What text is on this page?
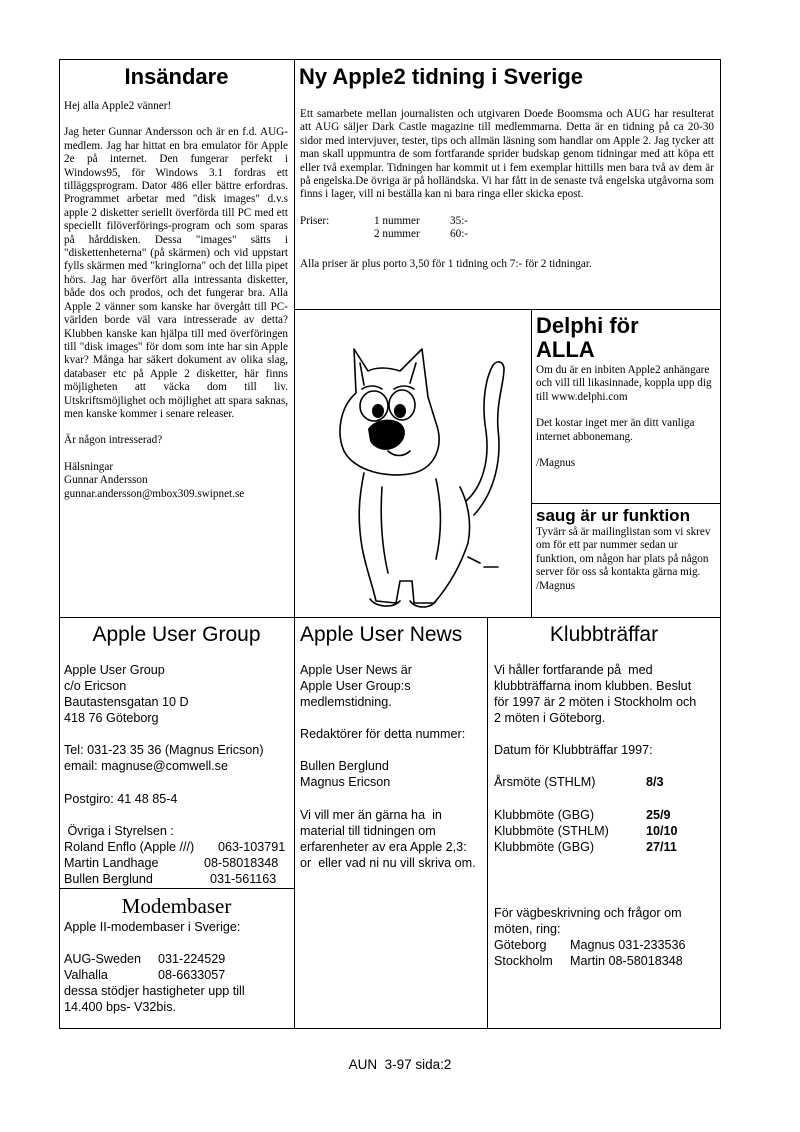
Insändare

Hej alla Apple2 vänner!

Jag heter Gunnar Andersson och är en f.d. AUG-medlem. Jag har hittat en bra emulator för Apple 2e på internet. Den fungerar perfekt i Windows95, för Windows 3.1 fordras ett tilläggsprogram. Dator 486 eller bättre erfordras. Programmet arbetar med "disk images" d.v.s apple 2 disketter seriellt överförda till PC med ett speciellt filöverförings-program och som sparas på hårddisken. Dessa "images" sätts i "diskettenheterna" (på skärmen) och vid uppstart fylls skärmen med "kringlorna" och det lilla pipet hörs. Jag har överfört alla intressanta disketter, både dos och prodos, och det fungerar bra. Alla Apple 2 vänner som kanske har övergått till PC-världen borde väl vara intresserade av detta? Klubben kanske kan hjälpa till med överföringen till "disk images" för dom som inte har sin Apple kvar? Många har säkert dokument av olika slag, databaser etc på Apple 2 disketter, här finns möjligheten att väcka dom till liv. Utskriftsmöjlighet och möjlighet att spara saknas, men kanske kommer i senare releaser.

Är någon intresserad?

Hälsningar

Gunnar Andersson

gunnar.andersson@mbox309.swipnet.se

Ny Apple2 tidning i Sverige

Ett samarbete mellan journalisten och utgivaren Doede Boomsma och AUG har resulterat att AUG säljer Dark Castle magazine till medlemmarna. Detta är en tidning på ca 20-30 sidor med intervjuver, tester, tips och allmän läsning som handlar om Apple 2. Jag tycker att man skall uppmuntra de som fortfarande sprider budskap genom tidningar med att köpa ett eller två exemplar. Tidningen har kommit ut i fem exemplar hittills men bara två av dem är på engelska.De övriga är på holländska. Vi har fått in de senaste två engelska utgåvorna som finns i lager, vill ni beställa kan ni bara ringa eller skicka epost.

Priser:	1 nummer	35:-
2 nummer	60:-

Alla priser är plus porto 3,50 för 1 tidning och 7:- för 2 tidningar.

Delphi för
ALLA

Om du är en inbiten Apple2 anhängare och vill till likasinnade, koppla upp dig till www.delphi.com

Det kostar inget mer än ditt vanliga internet abbonemang.

/Magnus

saug är ur funktion

Tyvärr så är mailinglistan som vi skrev om för ett par nummer sedan ur funktion, om någon har plats på någon server för oss så kontakta gärna mig.

/Magnus

Apple User Group

Apple User Group

c/o Ericson

Bautastensgatan 10 D

418 76 Göteborg

Tel: 031-23 35 36 (Magnus Ericson)

email: magnuse@comwell.se

Postgiro: 41 48 85-4

Övriga i Styrelsen :

Roland Enflo (Apple ///)	063-103791
Martin Landhage	08-58018348
Bullen Berglund	031-561163
Modembaser

Apple II-modembaser i Sverige:

AUG-Sweden	031-224529
Valhalla	08-6633057

dessa stödjer hastigheter upp till

14.400 bps- V32bis.

Apple User News

Apple User News är

Apple User Group:s

medlemstidning.

Redaktörer för detta nummer:

Bullen Berglund

Magnus Ericson

Vi vill mer än gärna ha  in

material till tidningen om

erfarenheter av era Apple 2,3:

or  eller vad ni nu vill skriva om.

Klubbträffar

Vi håller fortfarande på  med

klubbträffarna inom klubben. Beslut

för 1997 är 2 möten i Stockholm och

2 möten i Göteborg.

Datum för Klubbträffar 1997:

Årsmöte (STHLM)	8/3
Klubbmöte (GBG)	25/9
Klubbmöte (STHLM)	10/10
Klubbmöte (GBG)	27/11

För vägbeskrivning och frågor om

möten, ring:

Göteborg	Magnus 031-233536
Stockholm	Martin 08-58018348
AUN  3-97 sida:2
